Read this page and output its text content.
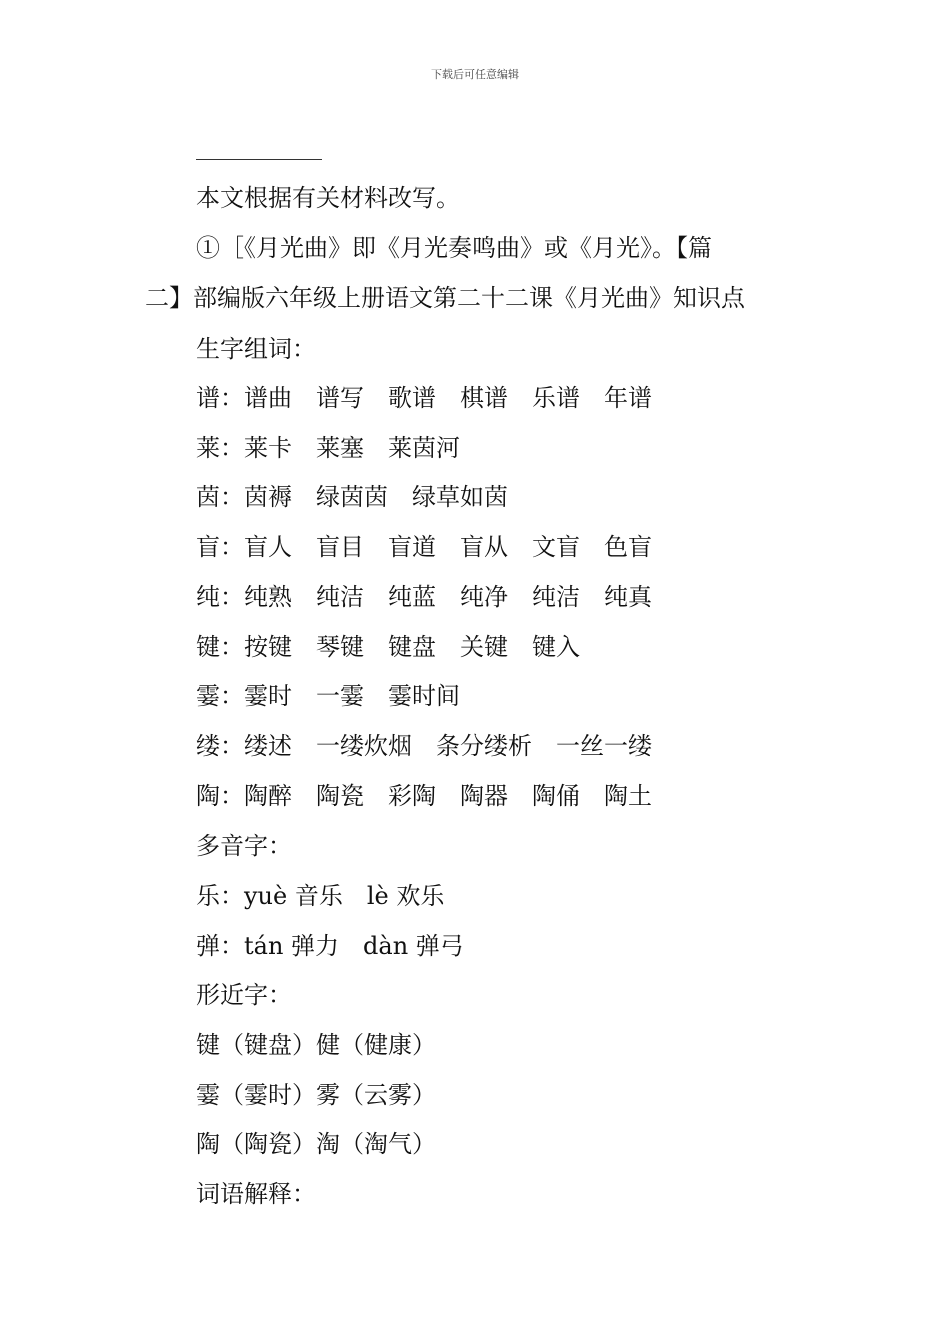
下载后可任意编辑
本文根据有关材料改写。
①［《月光曲》即《月光奏鸣曲》或《月光》。【篇
二】部编版六年级上册语文第二十二课《月光曲》知识点
生字组词：
谱：谱曲　谱写　歌谱　棋谱　乐谱　年谱
莱：莱卡　莱塞　莱茵河
茵：茵褥　绿茵茵　绿草如茵
盲：盲人　盲目　盲道　盲从　文盲　色盲
纯：纯熟　纯洁　纯蓝　纯净　纯洁　纯真
键：按键　琴键　键盘　关键　键入
霎：霎时　一霎　霎时间
缕：缕述　一缕炊烟　条分缕析　一丝一缕
陶：陶醉　陶瓷　彩陶　陶器　陶俑　陶土
多音字：
乐：yuè 音乐　lè 欢乐
弹：tán 弹力　dàn 弹弓
形近字：
键（键盘）健（健康）
霎（霎时）雾（云雾）
陶（陶瓷）淘（淘气）
词语解释：
